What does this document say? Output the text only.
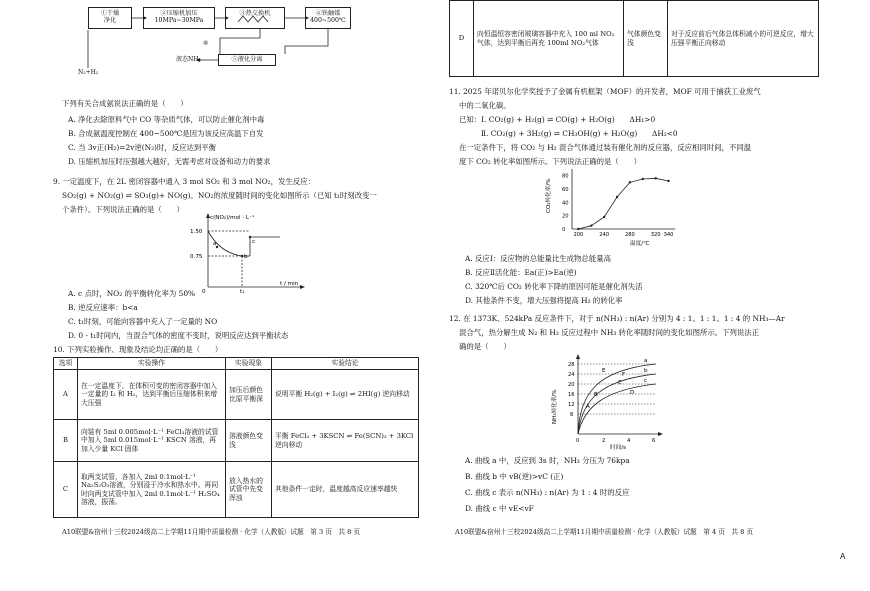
①干燥
净化
②压缩机加压
10MPa~30MPa
③热交换机	④铁触媒
400~500℃
⑤液化分离
N₂+H₂
液态NH₃
⑥
下列有关合成氨说法正确的是（　　）
A. 净化去除原料气中 CO 等杂质气体，可以防止催化剂中毒
B. 合成氨温度控制在 400~500℃是因为该反应高温下自发
C. 当 3v正(H₂)=2v逆(N₂)时，反应达到平衡
D. 压缩机加压时压强越大越好，无需考虑对设备和动力的要求
9. 一定温度下，在 2L 密闭容器中通入 3 mol SO₂ 和 3 mol NO₂，发生反应：
SO₂(g) + NO₂(g) ⇌ SO₃(g)+ NO(g)。NO₂的浓度随时间的变化如图所示（已知 t₁时刻改变一
个条件）。下列说法正确的是（　　）
c(NO₂)/mol · L⁻¹
1.50
0.75
0	t₁
t / min
a
b
c
A. c 点时，NO₂ 的平衡转化率为 50%
B. 逆反应速率：b<a
C. t₁时刻，可能向容器中充入了一定量的 NO
D. 0 - t₁时间内，当混合气体的密度不变时，说明反应达到平衡状态
10. 下列实验操作、现象及结论均正确的是（　　）
选项	实验操作	实验现象	实验结论
A	在一定温度下，在体积可变的密闭容器中加入一定量的 I₂ 和 H₂，达到平衡后压缩体积来增大压强	加压后颜色比原平衡深	说明平衡 H₂(g) + I₂(g) ⇌ 2HI(g) 逆向移动
B	向装有 5ml 0.005mol·L⁻¹ FeCl₃溶液的试管中加入 5ml 0.015mol·L⁻¹ KSCN 溶液，再加入少量 KCl 固体	溶液颜色变浅	平衡 FeCl₃ + 3KSCN ⇌ Fe(SCN)₃ + 3KCl 逆向移动
C	取两支试管，各加入 2ml 0.1mol·L⁻¹ Na₂S₂O₃溶液，分别浸于冷水和热水中。再同时向两支试管中加入 2ml 0.1mol·L⁻¹ H₂SO₄溶液，振荡。	放入热水的试管中先变浑浊	其他条件一定时，温度越高反应速率越快
A10联盟&宿州十三校2024级高二上学期11月期中质量检测 · 化学（人教版）试题　第 3 页　共 8 页
D	向恒温恒容密闭玻璃容器中充入 100 ml NO₂气体，达到平衡后再充 100ml NO₂气体	气体颜色变浅	对于反应前后气体总体积减小的可逆反应，增大压强平衡正向移动
11. 2025 年诺贝尔化学奖授予了金属有机框架（MOF）的开发者，MOF 可用于捕获工业废气
中的二氧化碳。
已知：Ⅰ. CO₂(g) + H₂(g) ⇌ CO(g) + H₂O(g)　　ΔH₁>0
Ⅱ. CO₂(g) + 3H₂(g) ⇌ CH₃OH(g) + H₂O(g)　　ΔH₂<0
在一定条件下，将 CO₂ 与 H₂ 混合气体通过装有催化剂的反应器，反应相同时间，不同温
度下 CO₂ 转化率如图所示。下列说法正确的是（　　）
CO₂转化率/%
温度/℃
0
20
40
60
80
200	240	280	320 340
A. 反应Ⅰ：反应物的总能量比生成物总能量高
B. 反应Ⅱ活化能：Ea(正)>Ea(逆)
C. 320℃后 CO₂ 转化率下降的原因可能是催化剂失活
D. 其他条件不变，增大压强将提高 H₂ 的转化率
12. 在 1373K、524kPa 反应条件下，对于 n(NH₃) : n(Ar) 分别为 4 : 1、1 : 1、1 : 4 的 NH₃—Ar
混合气，热分解生成 N₂ 和 H₂ 反应过程中 NH₃ 转化率随时间的变化如图所示。下列说法正
确的是（　　）
NH₃转化率/%
28
24
20
16
12
8
0	2	4	6
时间/s
a
b
c
A
B
C
D
E
F
A. 曲线 a 中，反应到 3s 时，NH₃ 分压为 76kpa
B. 曲线 b 中 vB(逆)>vC (正)
C. 曲线 c 表示 n(NH₃) : n(Ar) 为 1 : 4 时的反应
D. 曲线 c 中 vE<vF
A10联盟&宿州十三校2024级高二上学期11月期中质量检测 · 化学（人教版）试题　第 4 页　共 8 页
A
